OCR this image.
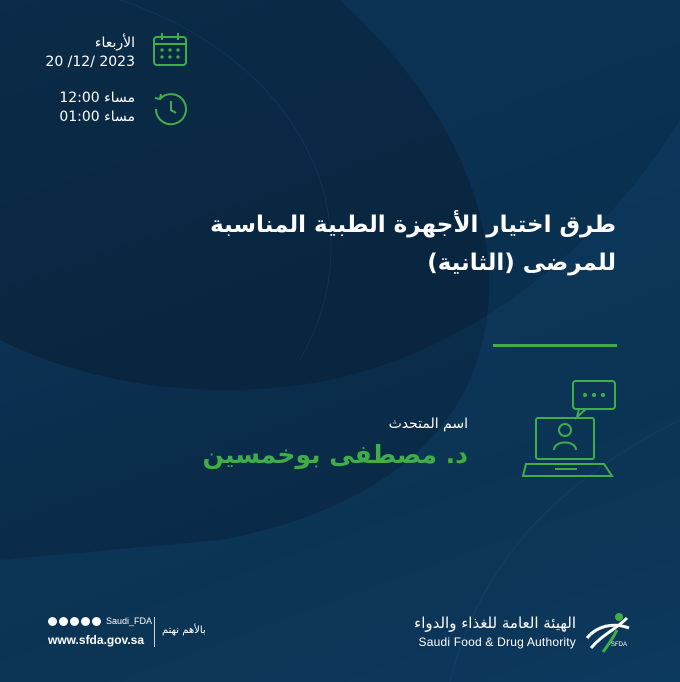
الأربعاء
20 /12/ 2023
12:00 مساء
01:00 مساء
طرق اختيار الأجهزة الطبية المناسبة
للمرضى (الثانية)
اسم المتحدث
د. مصطفى بوخمسين
Saudi_FDA
www.sfda.gov.sa
بالأهم نهتم	الهيئة العامة للغذاء والدواء
Saudi Food & Drug Authority	SFDA
